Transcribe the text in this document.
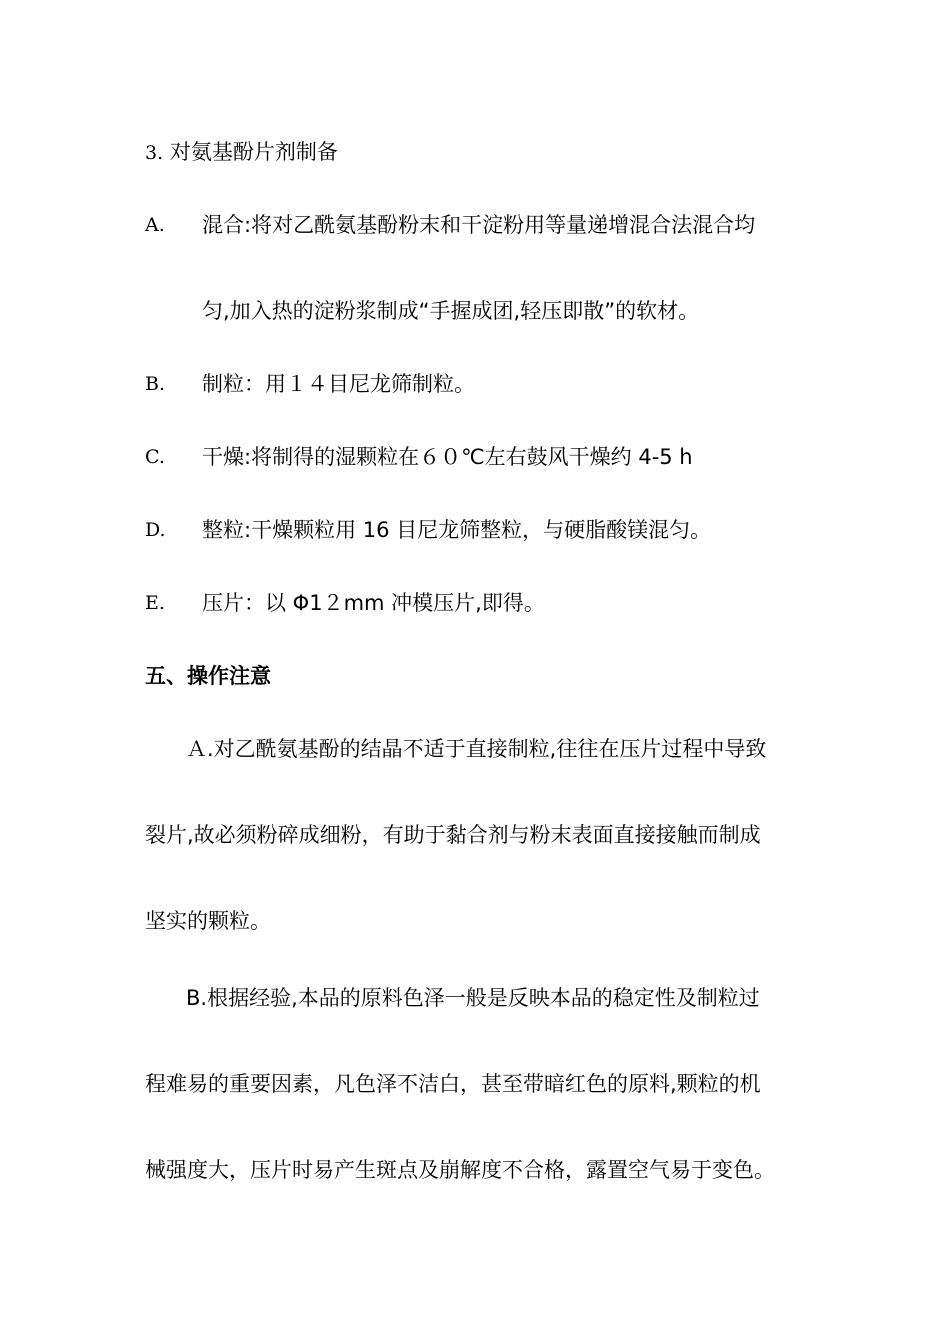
3. 对氨基酚片剂制备
A. 混合:将对乙酰氨基酚粉末和干淀粉用等量递增混合法混合均
匀,加入热的淀粉浆制成“手握成团,轻压即散”的软材。
B. 制粒：用１４目尼龙筛制粒。
C. 干燥:将制得的湿颗粒在６０℃左右鼓风干燥约 4-5 h
D. 整粒:干燥颗粒用 16 目尼龙筛整粒，与硬脂酸镁混匀。
E. 压片：以 Φ1２mm 冲模压片,即得。
五、操作注意
Ａ.对乙酰氨基酚的结晶不适于直接制粒,往往在压片过程中导致
裂片,故必须粉碎成细粉，有助于黏合剂与粉末表面直接接触而制成
坚实的颗粒。
B.根据经验,本品的原料色泽一般是反映本品的稳定性及制粒过
程难易的重要因素，凡色泽不洁白，甚至带暗红色的原料,颗粒的机
械强度大，压片时易产生斑点及崩解度不合格，露置空气易于变色。
